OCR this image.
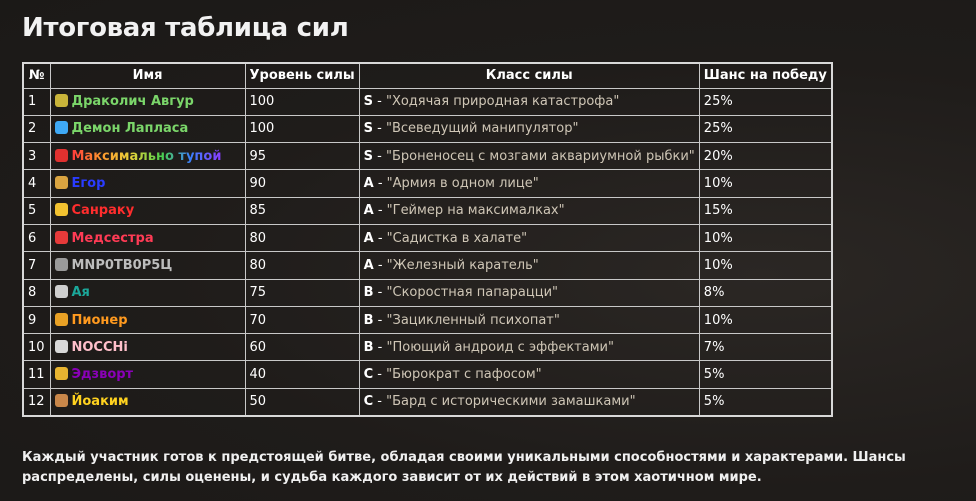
Итоговая таблица сил
№	Имя	Уровень силы	Класс силы	Шанс на победу
1	Драколич Авгур	100	S - "Ходячая природная катастрофа"	25%
2	Демон Лапласа	100	S - "Всеведущий манипулятор"	25%
3	Максимально тупой	95	S - "Броненосец с мозгами аквариумной рыбки"	20%
4	Егор	90	A - "Армия в одном лице"	10%
5	Санраку	85	A - "Геймер на максималках"	15%
6	Медсестра	80	A - "Садистка в халате"	10%
7	MNP0TB0P5Ц	80	A - "Железный каратель"	10%
8	Ая	75	B - "Скоростная папарацци"	8%
9	Пионер	70	B - "Зацикленный психопат"	10%
10	NOCCHi	60	B - "Поющий андроид с эффектами"	7%
11	Эдзворт	40	C - "Бюрократ с пафосом"	5%
12	Йоаким	50	C - "Бард с историческими замашками"	5%

Каждый участник готов к предстоящей битве, обладая своими уникальными способностями и характерами. Шансы распределены, силы оценены, и судьба каждого зависит от их действий в этом хаотичном мире.
